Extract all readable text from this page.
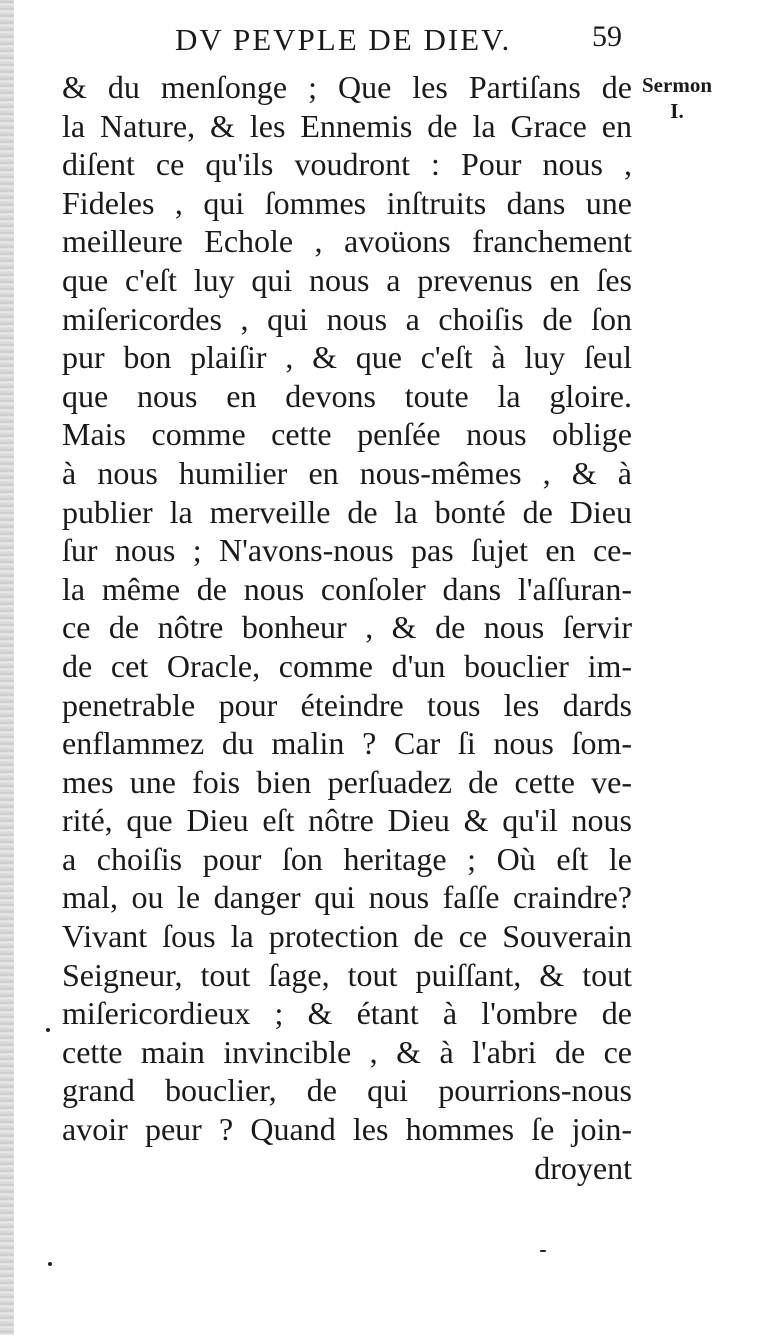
DV PEVPLE DE DIEV.	59
Sermon
I.
& du menſonge ; Que les Partiſans de
la Nature, & les Ennemis de la Grace en
diſent ce qu'ils voudront : Pour nous ,
Fideles , qui ſommes inſtruits dans une
meilleure Echole , avoüons franchement
que c'eſt luy qui nous a prevenus en ſes
miſericordes , qui nous a choiſis de ſon
pur bon plaiſir , & que c'eſt à luy ſeul
que nous en devons toute la gloire.
Mais comme cette penſée nous oblige
à nous humilier en nous-mêmes , & à
publier la merveille de la bonté de Dieu
ſur nous ; N'avons-nous pas ſujet en ce-
la même de nous conſoler dans l'aſſuran-
ce de nôtre bonheur , & de nous ſervir
de cet Oracle, comme d'un bouclier im-
penetrable pour éteindre tous les dards
enflammez du malin ? Car ſi nous ſom-
mes une fois bien perſuadez de cette ve-
rité, que Dieu eſt nôtre Dieu & qu'il nous
a choiſis pour ſon heritage ; Où eſt le
mal, ou le danger qui nous faſſe craindre?
Vivant ſous la protection de ce Souverain
Seigneur, tout ſage, tout puiſſant, & tout
miſericordieux ; & étant à l'ombre de
cette main invincible , & à l'abri de ce
grand bouclier, de qui pourrions-nous
avoir peur ? Quand les hommes ſe join-
droyent
